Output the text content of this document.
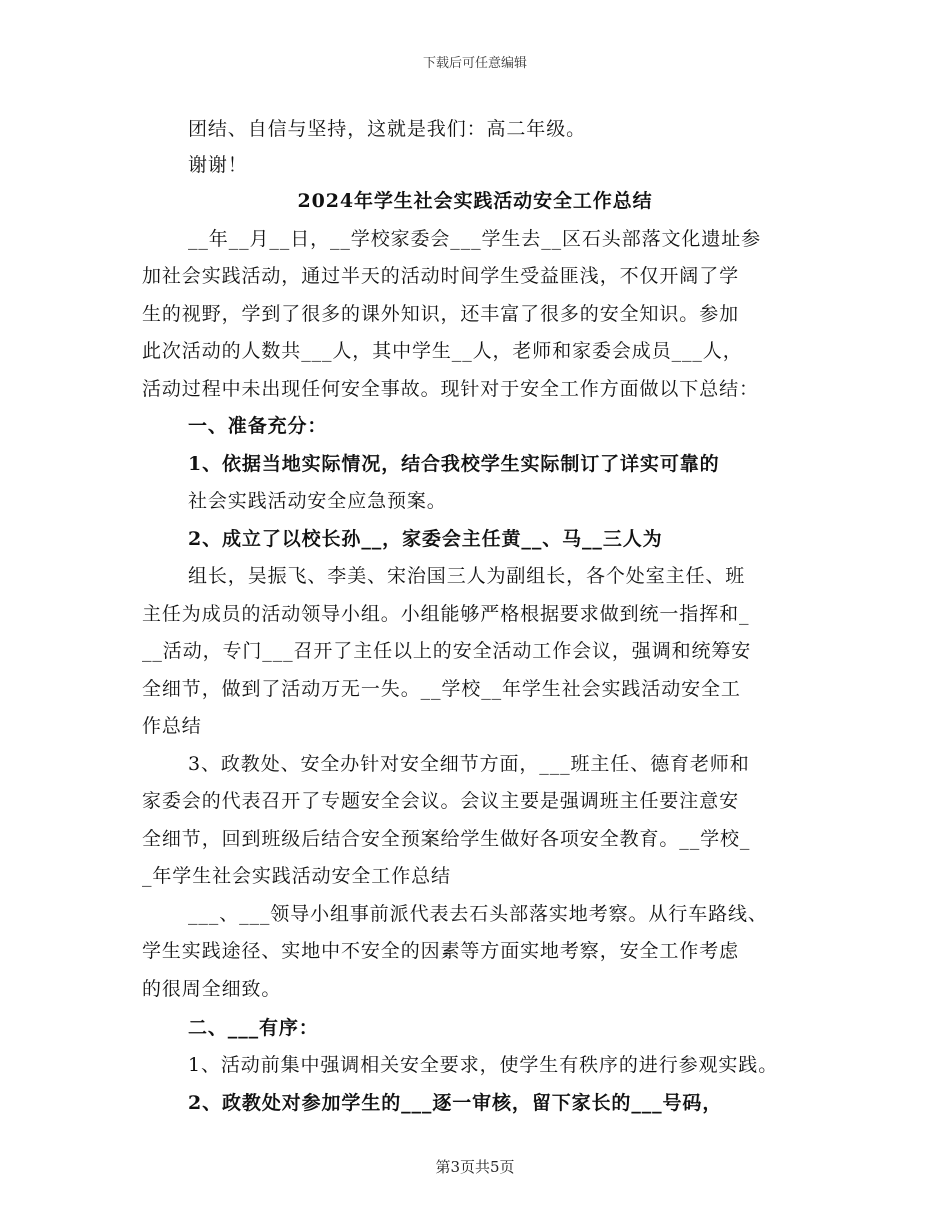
下载后可任意编辑
团结、自信与坚持，这就是我们：高二年级。
谢谢！
2024年学生社会实践活动安全工作总结
__年__月__日，__学校家委会___学生去__区石头部落文化遗址参
加社会实践活动，通过半天的活动时间学生受益匪浅，不仅开阔了学
生的视野，学到了很多的课外知识，还丰富了很多的安全知识。参加
此次活动的人数共___人，其中学生__人，老师和家委会成员___人，
活动过程中未出现任何安全事故。现针对于安全工作方面做以下总结：
一、准备充分：
1、依据当地实际情况，结合我校学生实际制订了详实可靠的
社会实践活动安全应急预案。
2、成立了以校长孙__，家委会主任黄__、马__三人为
组长，吴振飞、李美、宋治国三人为副组长，各个处室主任、班
主任为成员的活动领导小组。小组能够严格根据要求做到统一指挥和_
__活动，专门___召开了主任以上的安全活动工作会议，强调和统筹安
全细节，做到了活动万无一失。__学校__年学生社会实践活动安全工
作总结
3、政教处、安全办针对安全细节方面，___班主任、德育老师和
家委会的代表召开了专题安全会议。会议主要是强调班主任要注意安
全细节，回到班级后结合安全预案给学生做好各项安全教育。__学校_
_年学生社会实践活动安全工作总结
___、___领导小组事前派代表去石头部落实地考察。从行车路线、
学生实践途径、实地中不安全的因素等方面实地考察，安全工作考虑
的很周全细致。
二、___有序：
1、活动前集中强调相关安全要求，使学生有秩序的进行参观实践。
2、政教处对参加学生的___逐一审核，留下家长的___号码，
第3页共5页
